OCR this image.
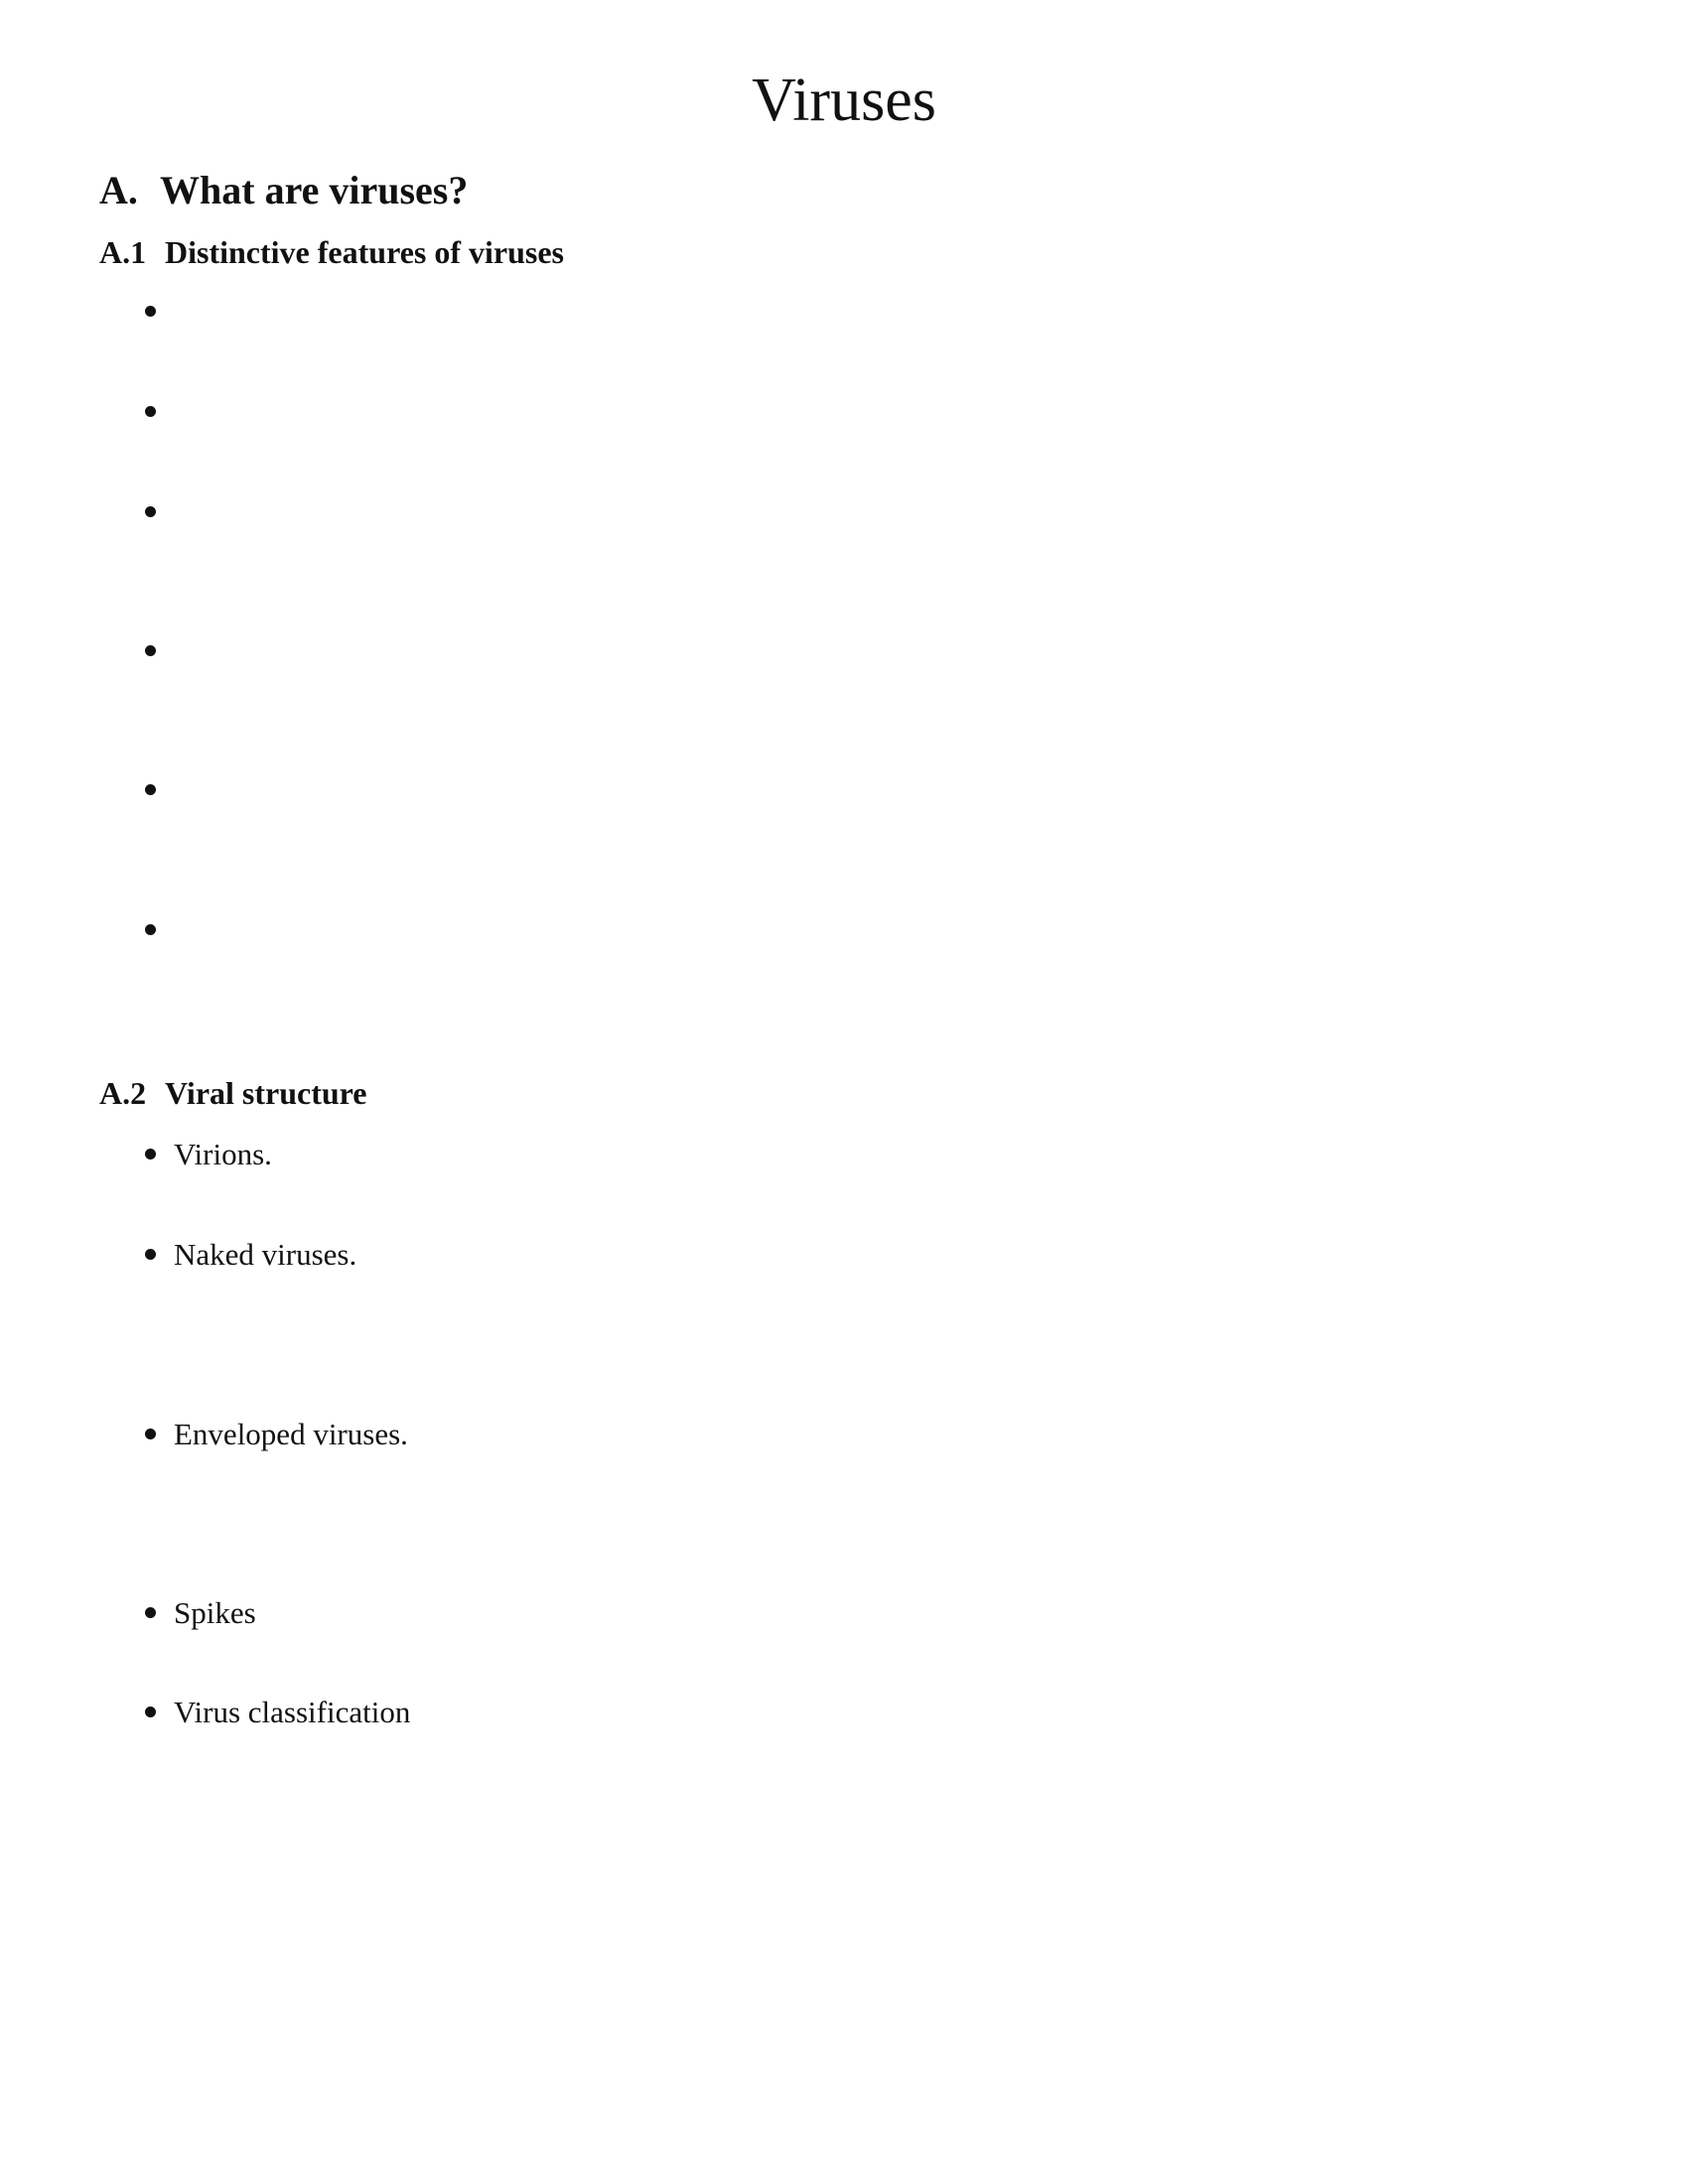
Viruses
A. What are viruses?
A.1 Distinctive features of viruses
A.2 Viral structure
Virions.
Naked viruses.
Enveloped viruses.
Spikes
Virus classification
